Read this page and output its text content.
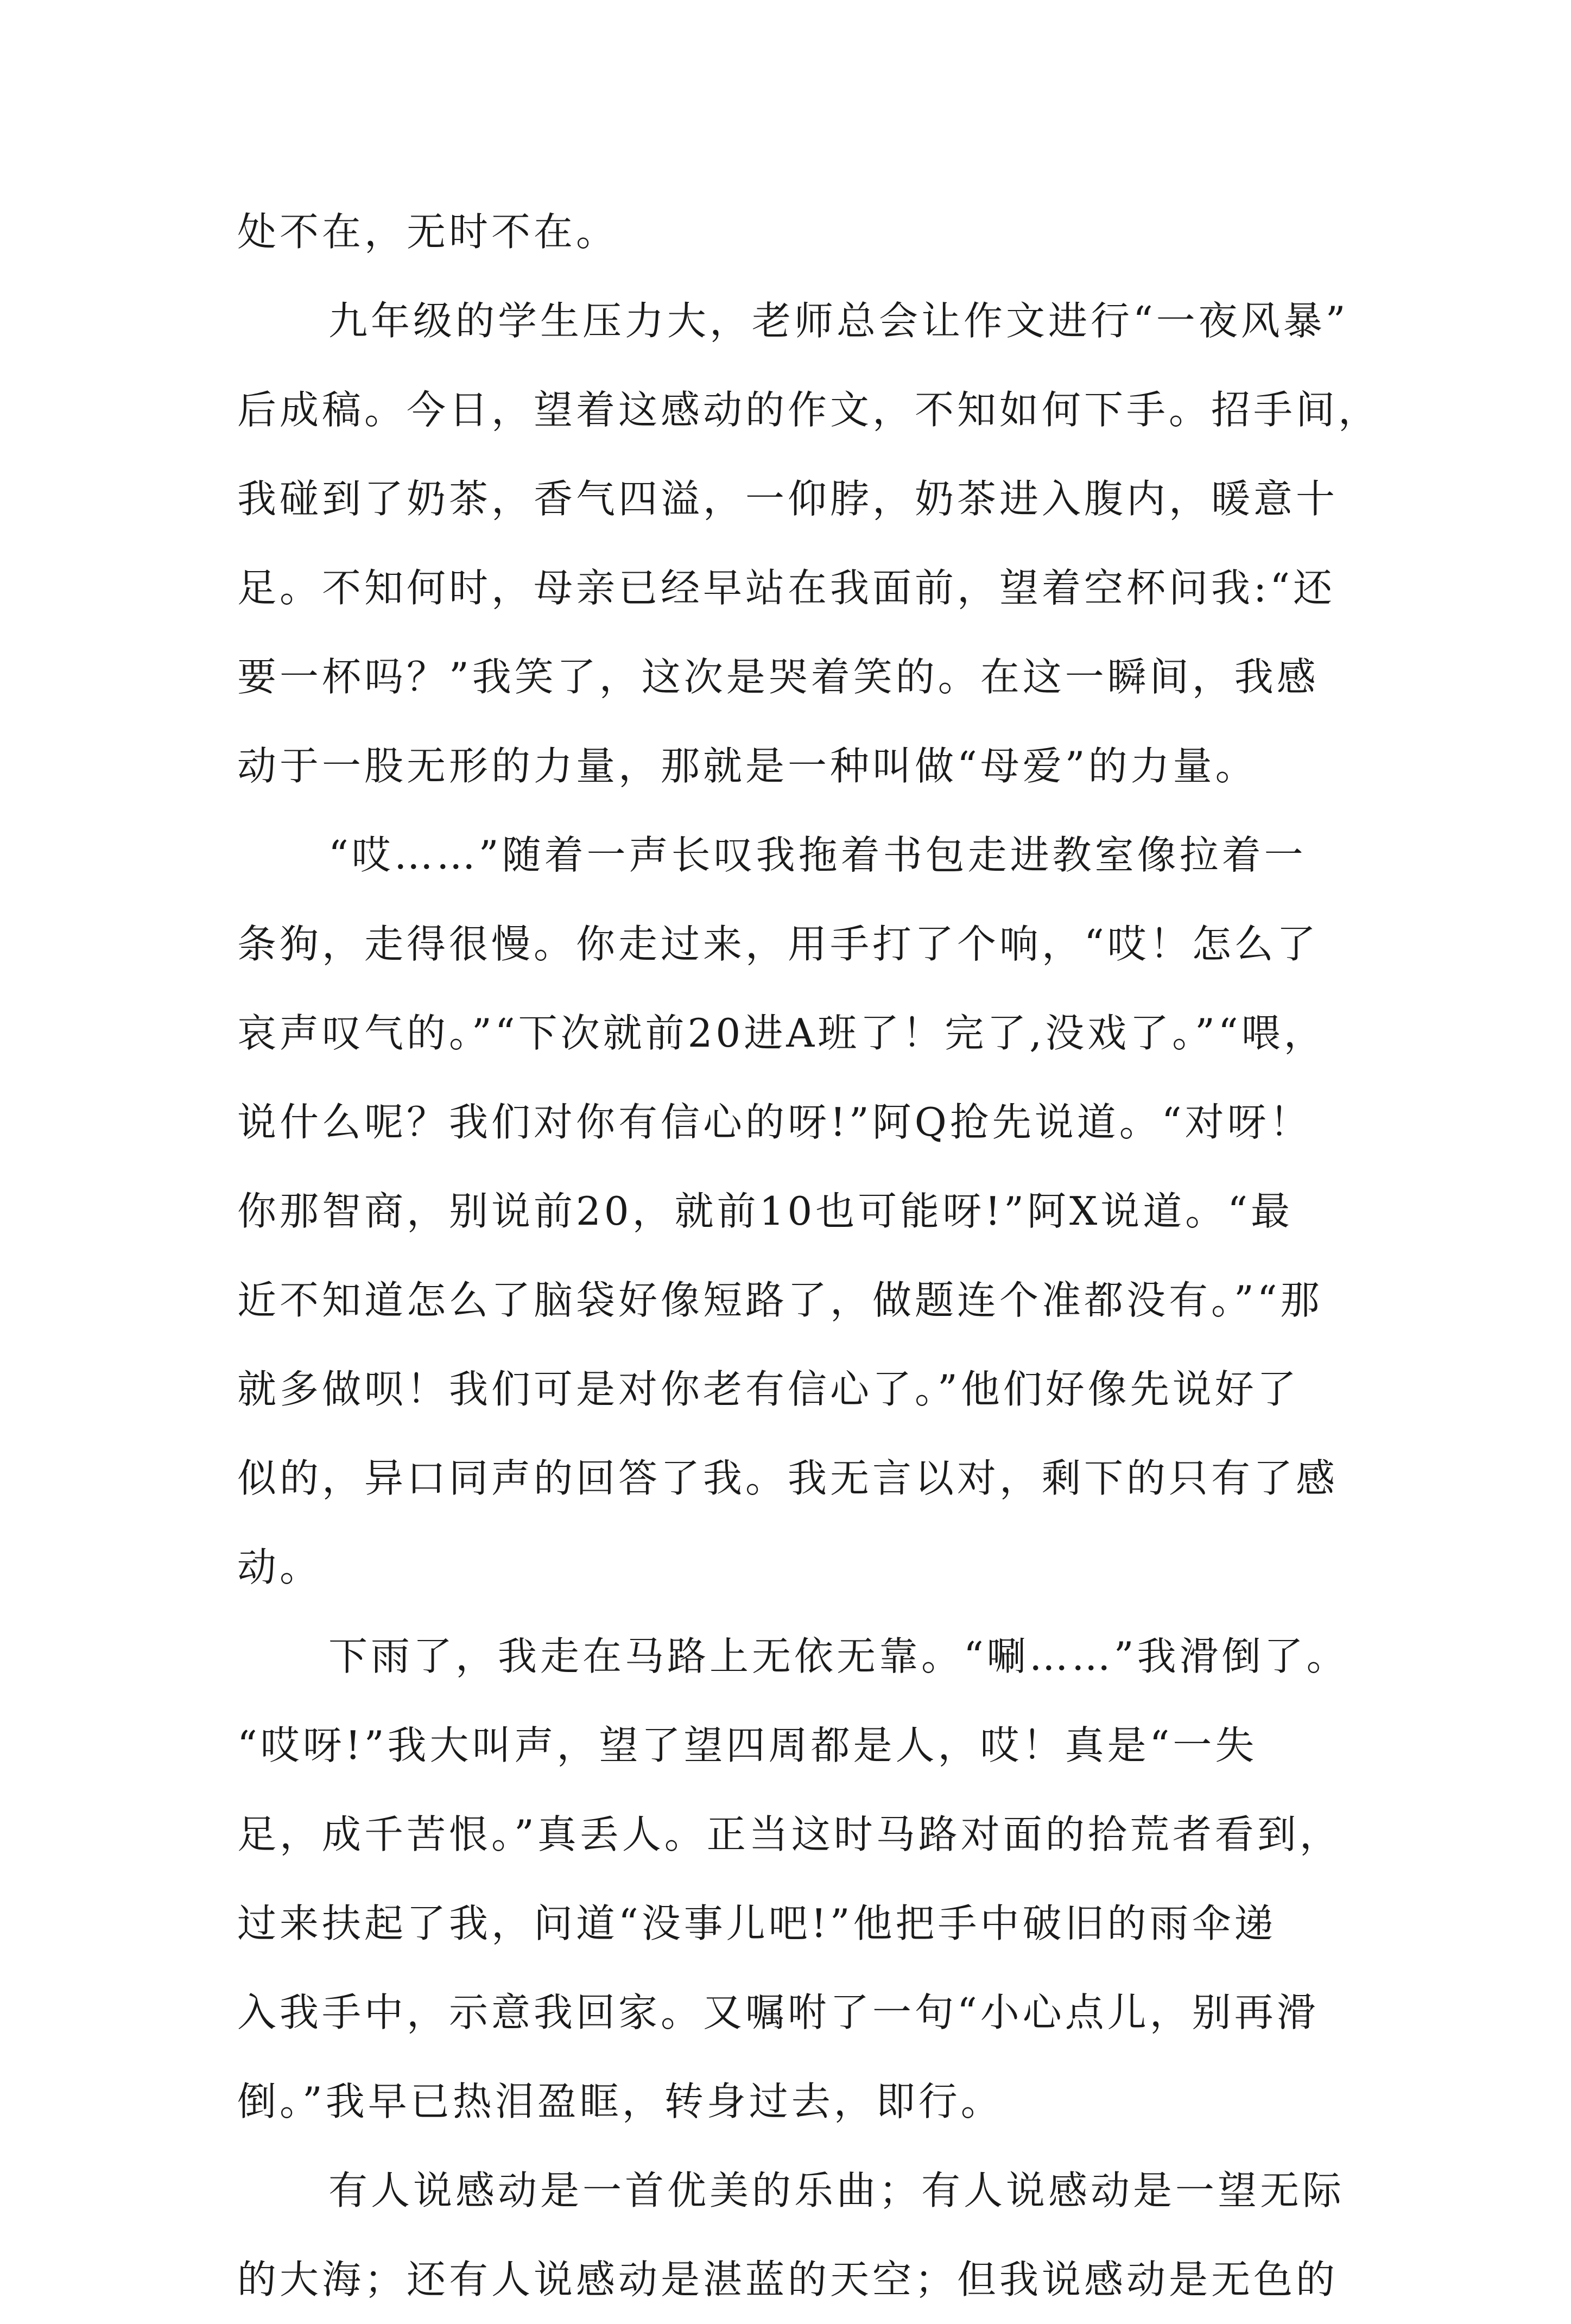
处不在，无时不在。
九年级的学生压力大，老师总会让作文进行“一夜风暴”
后成稿。今日，望着这感动的作文，不知如何下手。招手间，
我碰到了奶茶，香气四溢，一仰脖，奶茶进入腹内，暖意十
足。不知何时，母亲已经早站在我面前，望着空杯问我:“还
要一杯吗？”我笑了，这次是哭着笑的。在这一瞬间，我感
动于一股无形的力量，那就是一种叫做“母爱”的力量。
“哎……”随着一声长叹我拖着书包走进教室像拉着一
条狗，走得很慢。你走过来，用手打了个响，“哎！怎么了
哀声叹气的。”“下次就前20进A班了！完了,没戏了。”“喂，
说什么呢？我们对你有信心的呀!”阿Q抢先说道。“对呀！
你那智商，别说前20，就前10也可能呀!”阿X说道。“最
近不知道怎么了脑袋好像短路了，做题连个准都没有。”“那
就多做呗！我们可是对你老有信心了。”他们好像先说好了
似的，异口同声的回答了我。我无言以对，剩下的只有了感
动。
下雨了，我走在马路上无依无靠。“唰……”我滑倒了。
“哎呀!”我大叫声，望了望四周都是人，哎！真是“一失
足，成千苦恨。”真丢人。正当这时马路对面的拾荒者看到，
过来扶起了我，问道“没事儿吧!”他把手中破旧的雨伞递
入我手中，示意我回家。又嘱咐了一句“小心点儿，别再滑
倒。”我早已热泪盈眶，转身过去，即行。
有人说感动是一首优美的乐曲；有人说感动是一望无际
的大海；还有人说感动是湛蓝的天空；但我说感动是无色的
